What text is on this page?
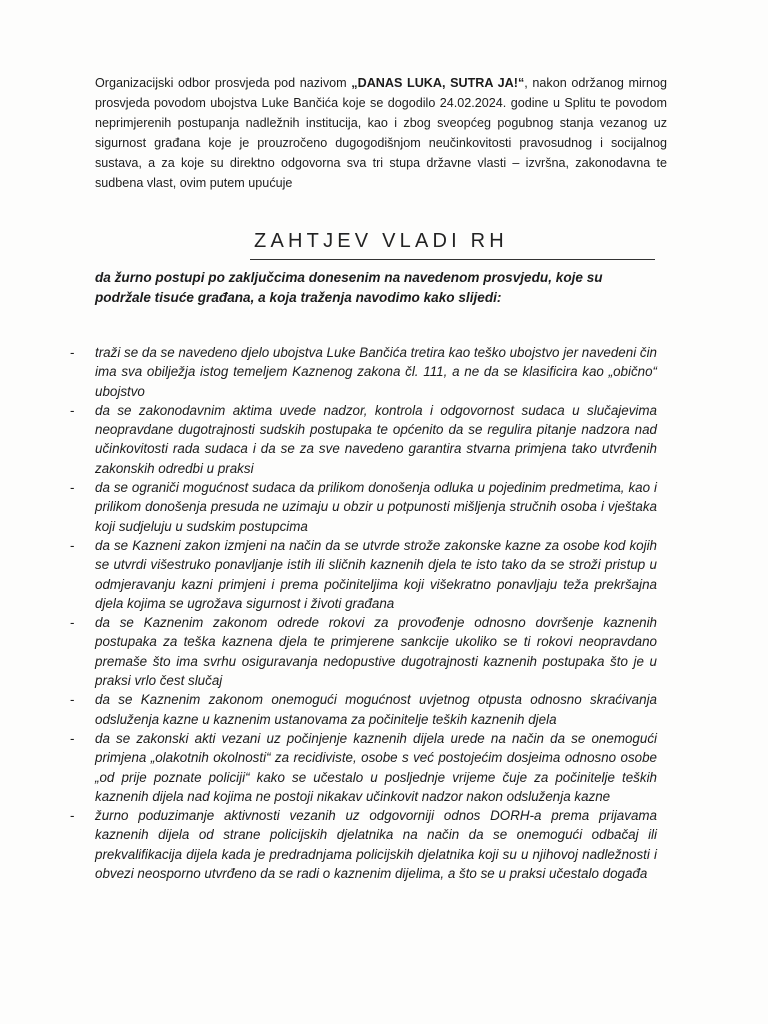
Organizacijski odbor prosvjeda pod nazivom „DANAS LUKA, SUTRA JA!“, nakon održanog mirnog prosvjeda povodom ubojstva Luke Bančića koje se dogodilo 24.02.2024. godine u Splitu te povodom neprimjerenih postupanja nadležnih institucija, kao i zbog sveopćeg pogubnog stanja vezanog uz sigurnost građana koje je prouzročeno dugogodišnjom neučinkovitosti pravosudnog i socijalnog sustava, a za koje su direktno odgovorna sva tri stupa državne vlasti – izvršna, zakonodavna te sudbena vlast, ovim putem upućuje

ZAHTJEV VLADI RH

da žurno postupi po zaključcima donesenim na navedenom prosvjedu, koje su podržale tisuće građana, a koja traženja navodimo kako slijedi:

- traži se da se navedeno djelo ubojstva Luke Bančića tretira kao teško ubojstvo jer navedeni čin ima sva obilježja istog temeljem Kaznenog zakona čl. 111, a ne da se klasificira kao „obično“ ubojstvo
- da se zakonodavnim aktima uvede nadzor, kontrola i odgovornost sudaca u slučajevima neopravdane dugotrajnosti sudskih postupaka te općenito da se regulira pitanje nadzora nad učinkovitosti rada sudaca i da se za sve navedeno garantira stvarna primjena tako utvrđenih zakonskih odredbi u praksi
- da se ograniči mogućnost sudaca da prilikom donošenja odluka u pojedinim predmetima, kao i prilikom donošenja presuda ne uzimaju u obzir u potpunosti mišljenja stručnih osoba i vještaka koji sudjeluju u sudskim postupcima
- da se Kazneni zakon izmjeni na način da se utvrde strože zakonske kazne za osobe kod kojih se utvrdi višestruko ponavljanje istih ili sličnih kaznenih djela te isto tako da se stroži pristup u odmjeravanju kazni primjeni i prema počiniteljima koji višekratno ponavljaju teža prekršajna djela kojima se ugrožava sigurnost i životi građana
- da se Kaznenim zakonom odrede rokovi za provođenje odnosno dovršenje kaznenih postupaka za teška kaznena djela te primjerene sankcije ukoliko se ti rokovi neopravdano premaše što ima svrhu osiguravanja nedopustive dugotrajnosti kaznenih postupaka što je u praksi vrlo čest slučaj
- da se Kaznenim zakonom onemogući mogućnost uvjetnog otpusta odnosno skraćivanja odsluženja kazne u kaznenim ustanovama za počinitelje teških kaznenih djela
- da se zakonski akti vezani uz počinjenje kaznenih dijela urede na način da se onemogući primjena „olakotnih okolnosti“ za recidiviste, osobe s već postojećim dosjeima odnosno osobe „od prije poznate policiji“ kako se učestalo u posljednje vrijeme čuje za počinitelje teških kaznenih dijela nad kojima ne postoji nikakav učinkovit nadzor nakon odsluženja kazne
- žurno poduzimanje aktivnosti vezanih uz odgovorniji odnos DORH-a prema prijavama kaznenih dijela od strane policijskih djelatnika na način da se onemogući odbačaj ili prekvalifikacija dijela kada je predradnjama policijskih djelatnika koji su u njihovoj nadležnosti i obvezi neosporno utvrđeno da se radi o kaznenim dijelima, a što se u praksi učestalo događa
